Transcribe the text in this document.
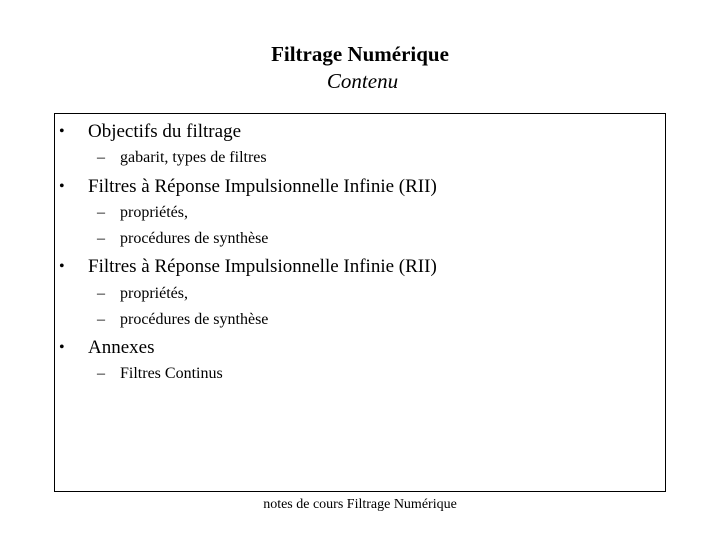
Filtrage Numérique
Contenu
•	Objectifs du filtrage
– gabarit, types de filtres
•	Filtres à Réponse Impulsionnelle Infinie (RII)
– propriétés,
– procédures de synthèse
•	Filtres à Réponse Impulsionnelle Infinie (RII)
– propriétés,
– procédures de synthèse
•	Annexes
– Filtres Continus
notes de cours Filtrage Numérique
